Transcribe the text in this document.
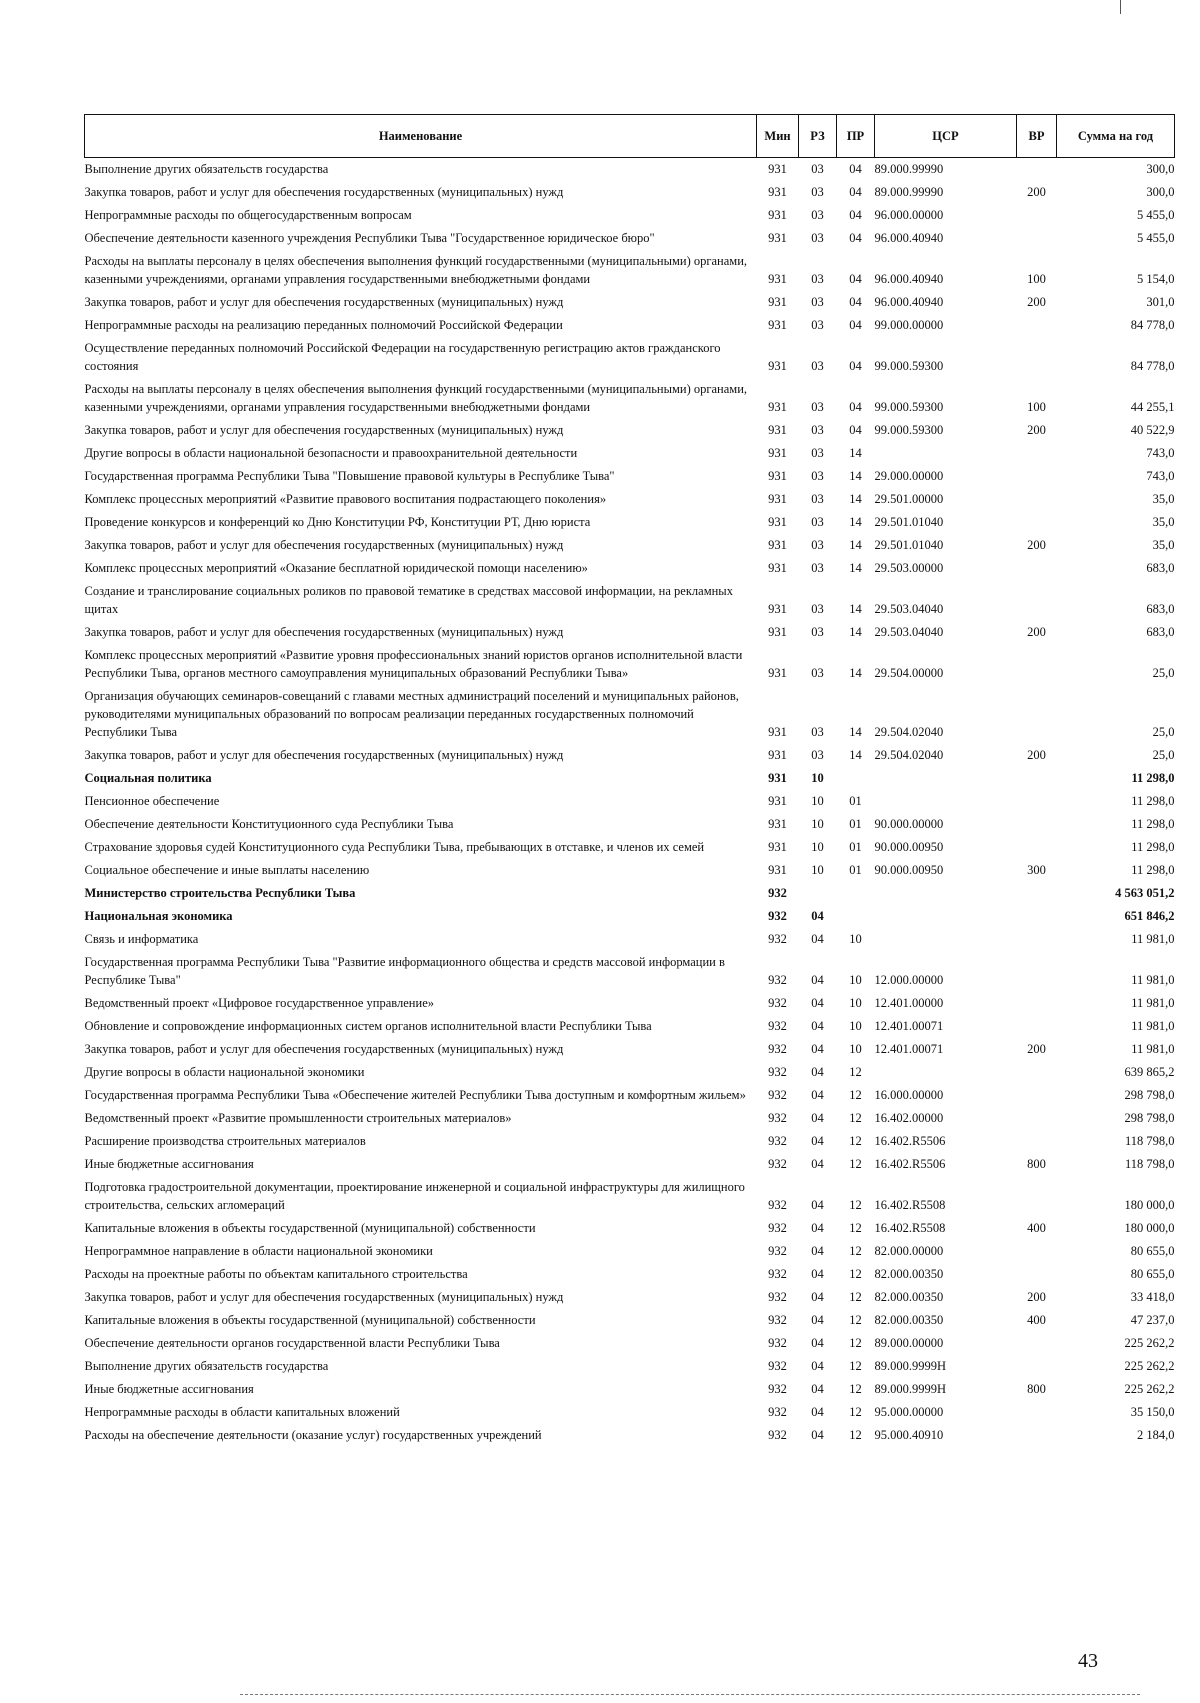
Наименование	Мин	РЗ	ПР	ЦСР	ВР	Сумма на год
Выполнение других обязательств государства	931	03	04	89.000.99990		300,0
Закупка товаров, работ и услуг для обеспечения государственных (муниципальных) нужд	931	03	04	89.000.99990	200	300,0
Непрограммные расходы по общегосударственным вопросам	931	03	04	96.000.00000		5 455,0
Обеспечение деятельности казенного учреждения Республики Тыва "Государственное юридическое бюро"	931	03	04	96.000.40940		5 455,0
Расходы на выплаты персоналу в целях обеспечения выполнения функций государственными (муниципальными) органами, казенными учреждениями, органами управления государственными внебюджетными фондами	931	03	04	96.000.40940	100	5 154,0
Закупка товаров, работ и услуг для обеспечения государственных (муниципальных) нужд	931	03	04	96.000.40940	200	301,0
Непрограммные расходы на реализацию переданных полномочий Российской Федерации	931	03	04	99.000.00000		84 778,0
Осуществление переданных полномочий Российской Федерации на государственную регистрацию актов гражданского состояния	931	03	04	99.000.59300		84 778,0
Расходы на выплаты персоналу в целях обеспечения выполнения функций государственными (муниципальными) органами, казенными учреждениями, органами управления государственными внебюджетными фондами	931	03	04	99.000.59300	100	44 255,1
Закупка товаров, работ и услуг для обеспечения государственных (муниципальных) нужд	931	03	04	99.000.59300	200	40 522,9
Другие вопросы в области национальной безопасности и правоохранительной деятельности	931	03	14			743,0
Государственная программа Республики Тыва "Повышение правовой культуры в Республике Тыва"	931	03	14	29.000.00000		743,0
Комплекс процессных мероприятий «Развитие правового воспитания подрастающего поколения»	931	03	14	29.501.00000		35,0
Проведение конкурсов и конференций ко Дню Конституции РФ, Конституции РТ, Дню юриста	931	03	14	29.501.01040		35,0
Закупка товаров, работ и услуг для обеспечения государственных (муниципальных) нужд	931	03	14	29.501.01040	200	35,0
Комплекс процессных мероприятий «Оказание бесплатной юридической помощи населению»	931	03	14	29.503.00000		683,0
Создание и транслирование социальных роликов по правовой тематике в средствах массовой информации, на рекламных щитах	931	03	14	29.503.04040		683,0
Закупка товаров, работ и услуг для обеспечения государственных (муниципальных) нужд	931	03	14	29.503.04040	200	683,0
Комплекс процессных мероприятий «Развитие уровня профессиональных знаний юристов органов исполнительной власти Республики Тыва, органов местного самоуправления муниципальных образований Республики Тыва»	931	03	14	29.504.00000		25,0
Организация обучающих семинаров-совещаний с главами местных администраций поселений и муниципальных районов, руководителями муниципальных образований по вопросам реализации переданных государственных полномочий Республики Тыва	931	03	14	29.504.02040		25,0
Закупка товаров, работ и услуг для обеспечения государственных (муниципальных) нужд	931	03	14	29.504.02040	200	25,0
Социальная политика	931	10				11 298,0
Пенсионное обеспечение	931	10	01			11 298,0
Обеспечение деятельности Конституционного суда Республики Тыва	931	10	01	90.000.00000		11 298,0
Страхование здоровья судей Конституционного суда Республики Тыва, пребывающих в отставке, и членов их семей	931	10	01	90.000.00950		11 298,0
Социальное обеспечение и иные выплаты населению	931	10	01	90.000.00950	300	11 298,0
Министерство строительства Республики Тыва	932					4 563 051,2
Национальная экономика	932	04				651 846,2
Связь и информатика	932	04	10			11 981,0
Государственная программа Республики Тыва "Развитие информационного общества и средств массовой информации в Республике Тыва"	932	04	10	12.000.00000		11 981,0
Ведомственный проект «Цифровое государственное управление»	932	04	10	12.401.00000		11 981,0
Обновление и сопровождение информационных систем органов исполнительной власти Республики Тыва	932	04	10	12.401.00071		11 981,0
Закупка товаров, работ и услуг для обеспечения государственных (муниципальных) нужд	932	04	10	12.401.00071	200	11 981,0
Другие вопросы в области национальной экономики	932	04	12			639 865,2
Государственная программа Республики Тыва «Обеспечение жителей Республики Тыва доступным и комфортным жильем»	932	04	12	16.000.00000		298 798,0
Ведомственный проект «Развитие промышленности строительных материалов»	932	04	12	16.402.00000		298 798,0
Расширение производства строительных материалов	932	04	12	16.402.R5506		118 798,0
Иные бюджетные ассигнования	932	04	12	16.402.R5506	800	118 798,0
Подготовка градостроительной документации, проектирование инженерной и социальной инфраструктуры для жилищного строительства, сельских агломераций	932	04	12	16.402.R5508		180 000,0
Капитальные вложения в объекты государственной (муниципальной) собственности	932	04	12	16.402.R5508	400	180 000,0
Непрограммное направление в области национальной экономики	932	04	12	82.000.00000		80 655,0
Расходы на проектные работы по объектам капитального строительства	932	04	12	82.000.00350		80 655,0
Закупка товаров, работ и услуг для обеспечения государственных (муниципальных) нужд	932	04	12	82.000.00350	200	33 418,0
Капитальные вложения в объекты государственной (муниципальной) собственности	932	04	12	82.000.00350	400	47 237,0
Обеспечение деятельности органов государственной власти Республики Тыва	932	04	12	89.000.00000		225 262,2
Выполнение других обязательств государства	932	04	12	89.000.9999Н		225 262,2
Иные бюджетные ассигнования	932	04	12	89.000.9999Н	800	225 262,2
Непрограммные расходы в области капитальных вложений	932	04	12	95.000.00000		35 150,0
Расходы на обеспечение деятельности (оказание услуг) государственных учреждений	932	04	12	95.000.40910		2 184,0
43
